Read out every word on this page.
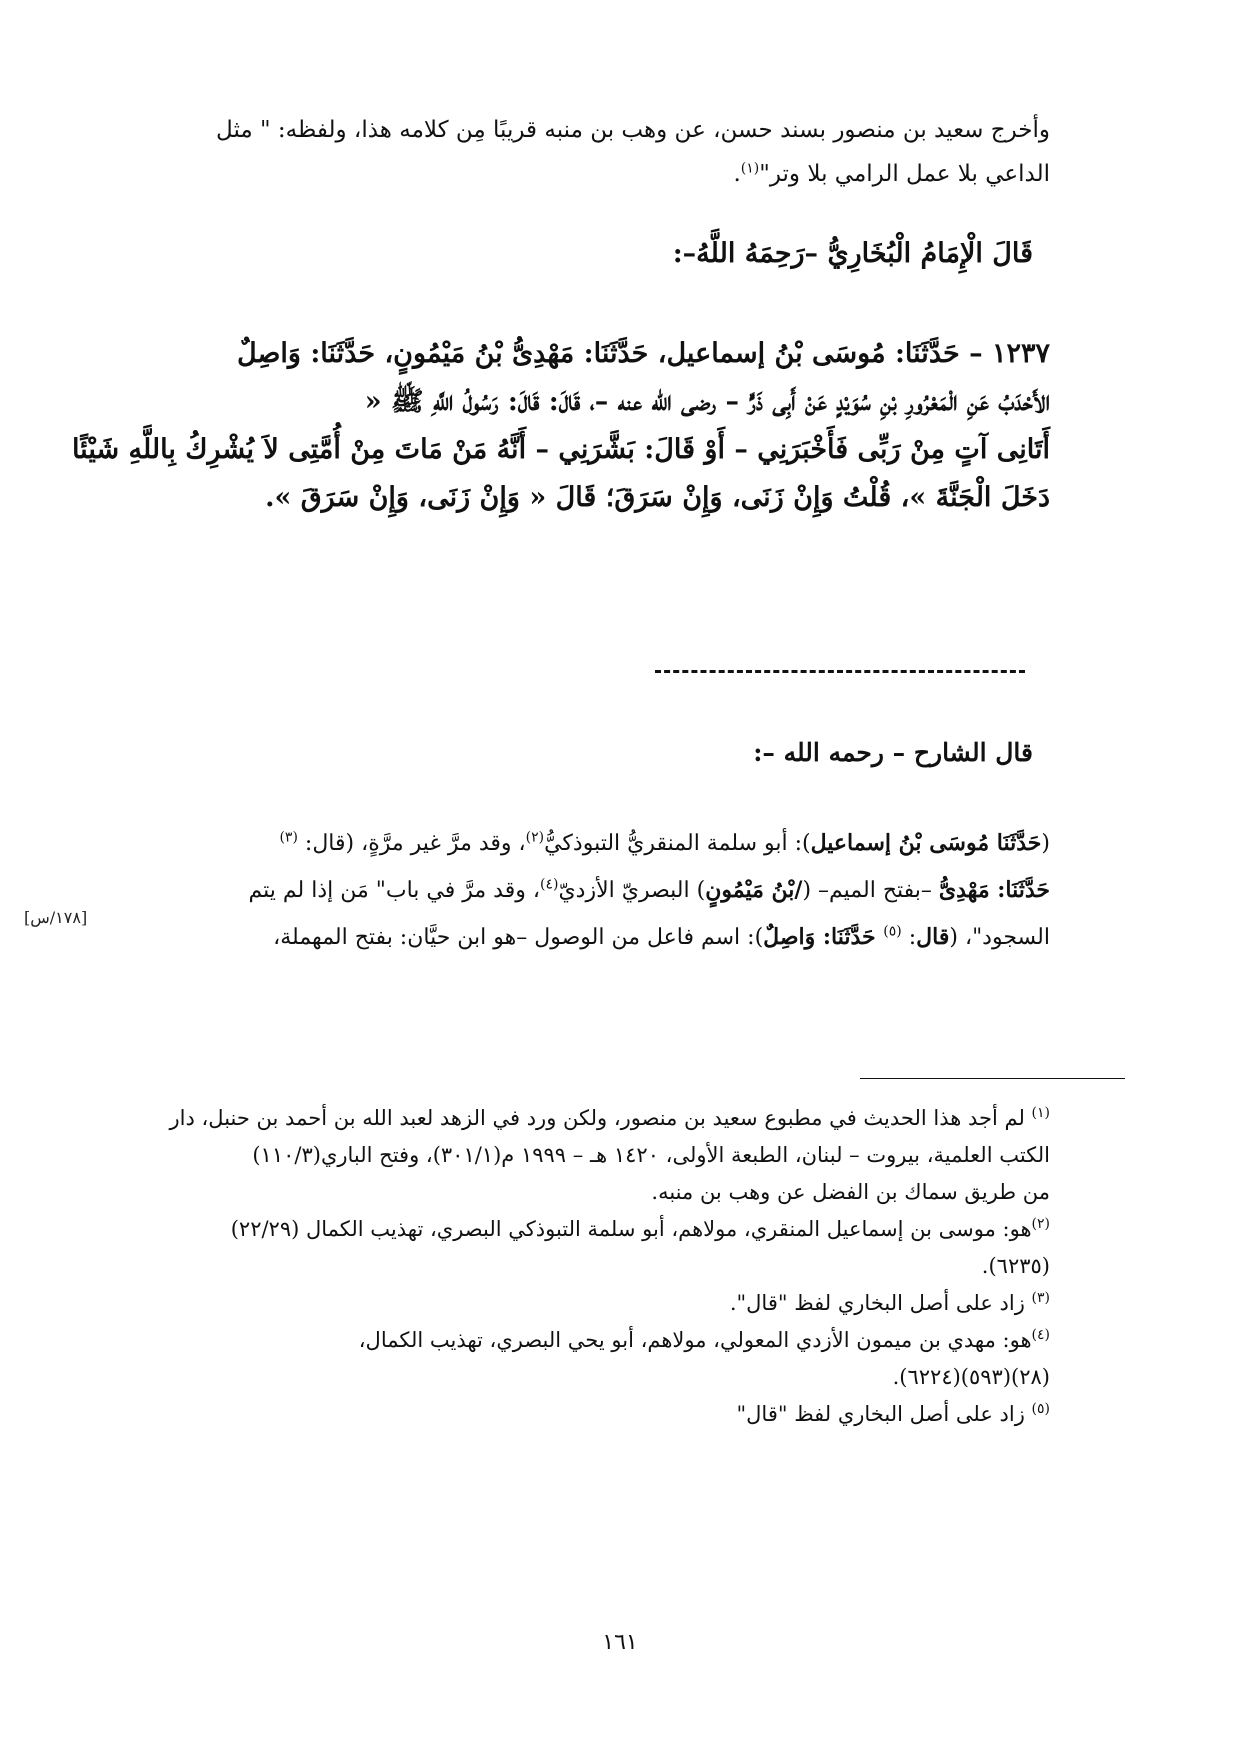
وأخرج سعيد بن منصور بسند حسن، عن وهب بن منبه قريبًا مِن كلامه هذا، ولفظه: " مثل
الداعي بلا عمل الرامي بلا وتر"$^{(١)}$.
قَالَ الْإِمَامُ الْبُخَارِيُّ –رَحِمَهُ اللَّهُ–:
١٢٣٧ – حَدَّثَنَا: مُوسَى بْنُ إسماعيل، حَدَّثَنَا: مَهْدِىُّ بْنُ مَيْمُونٍ، حَدَّثَنَا: وَاصِلٌ
الأَحْدَبُ عَنِ الْمَعْرُورِ بْنِ سُوَيْدٍ عَنْ أَبِى ذَرٍّ – رضى الله عنه –، قَالَ: قَالَ: رَسُولُ اللَّهِ ﷺ «
أَتَانِى آتٍ مِنْ رَبِّى فَأَخْبَرَنِي – أَوْ قَالَ: بَشَّرَنِي – أَنَّهُ مَنْ مَاتَ مِنْ أُمَّتِى لاَ يُشْرِكُ بِاللَّهِ شَيْئًا
دَخَلَ الْجَنَّةَ »، قُلْتُ وَإِنْ زَنَى، وَإِنْ سَرَقَ؛ قَالَ « وَإِنْ زَنَى، وَإِنْ سَرَقَ ».
قال الشارح – رحمه الله –:
(حَدَّثَنَا مُوسَى بْنُ إسماعيل): أبو سلمة المنقريُّ التبوذكيُّ$^{(٢)}$، وقد مرَّ غير مرَّةٍ، (قال: $^{(٣)}$
حَدَّثَنَا: مَهْدِىُّ –بفتح الميم– (/بْنُ مَيْمُونٍ) البصريّ الأزديّ$^{(٤)}$، وقد مرَّ في باب" مَن إذا لم يتم
السجود"، (قال: $^{(٥)}$ حَدَّثَنَا: وَاصِلٌ): اسم فاعل من الوصول –هو ابن حيَّان: بفتح المهملة،
[١٧٨/س]
$^{(١)}$ لم أجد هذا الحديث في مطبوع سعيد بن منصور، ولكن ورد في الزهد لعبد الله بن أحمد بن حنبل، دار
الكتب العلمية، بيروت – لبنان، الطبعة الأولى، ١٤٢٠ هـ – ١٩٩٩ م(٣٠١/١)، وفتح الباري(١١٠/٣)
من طريق سماك بن الفضل عن وهب بن منبه.
$^{(٢)}$هو: موسى بن إسماعيل المنقري، مولاهم، أبو سلمة التبوذكي البصري، تهذيب الكمال (٢٢/٢٩)
(٦٢٣٥).
$^{(٣)}$ زاد على أصل البخاري لفظ "قال".
$^{(٤)}$هو: مهدي بن ميمون الأزدي المعولي، مولاهم، أبو يحي البصري، تهذيب الكمال،
(٢٨)(٥٩٣)(٦٢٢٤).
$^{(٥)}$ زاد على أصل البخاري لفظ "قال"
١٦١
